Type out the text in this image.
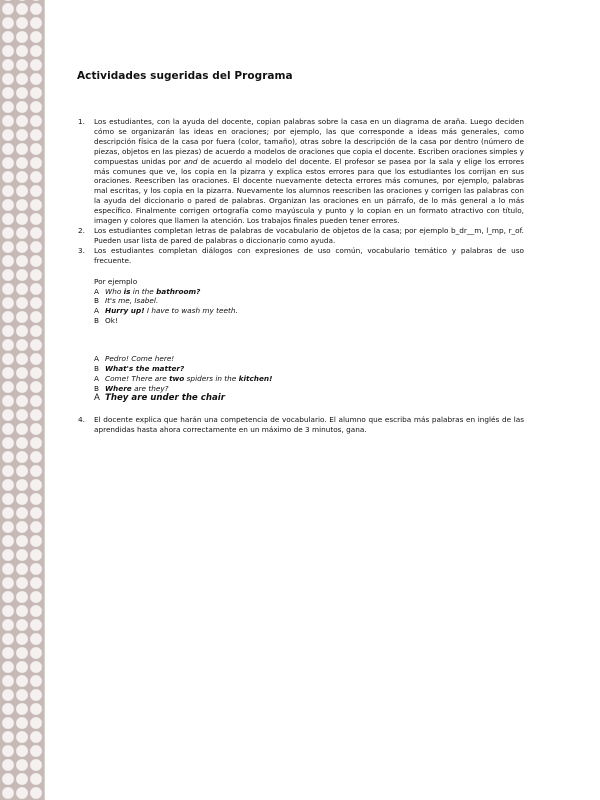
Actividades sugeridas del Programa
1. Los estudiantes, con la ayuda del docente, copian palabras sobre la casa en un diagrama de araña. Luego deciden cómo se organizarán las ideas en oraciones; por ejemplo, las que corresponde a ideas más generales, como descripción física de la casa por fuera (color, tamaño), otras sobre la descripción de la casa por dentro (número de piezas, objetos en las piezas) de acuerdo a modelos de oraciones que copia el docente. Escriben oraciones simples y compuestas unidas por and de acuerdo al modelo del docente. El profesor se pasea por la sala y elige los errores más comunes que ve, los copia en la pizarra y explica estos errores para que los estudiantes los corrijan en sus oraciones. Reescriben las oraciones. El docente nuevamente detecta errores más comunes, por ejemplo, palabras mal escritas, y los copia en la pizarra. Nuevamente los alumnos reescriben las oraciones y corrigen las palabras con la ayuda del diccionario o pared de palabras. Organizan las oraciones en un párrafo, de lo más general a lo más específico. Finalmente corrigen ortografía como mayúscula y punto y lo copian en un formato atractivo con título, imagen y colores que llamen la atención. Los trabajos finales pueden tener errores.
2. Los estudiantes completan letras de palabras de vocabulario de objetos de la casa; por ejemplo b_dr__m, l_mp, r_of. Pueden usar lista de pared de palabras o diccionario como ayuda.
3. Los estudiantes completan diálogos con expresiones de uso común, vocabulario temático y palabras de uso frecuente.
Por ejemplo
A Who is in the bathroom?
B It's me, Isabel.
A Hurry up! I have to wash my teeth.
B Ok!
A Pedro! Come here!
B What's the matter?
A Come! There are two spiders in the kitchen!
B Where are they?
A They are under the chair
4. El docente explica que harán una competencia de vocabulario. El alumno que escriba más palabras en inglés de las aprendidas hasta ahora correctamente en un máximo de 3 minutos, gana.
